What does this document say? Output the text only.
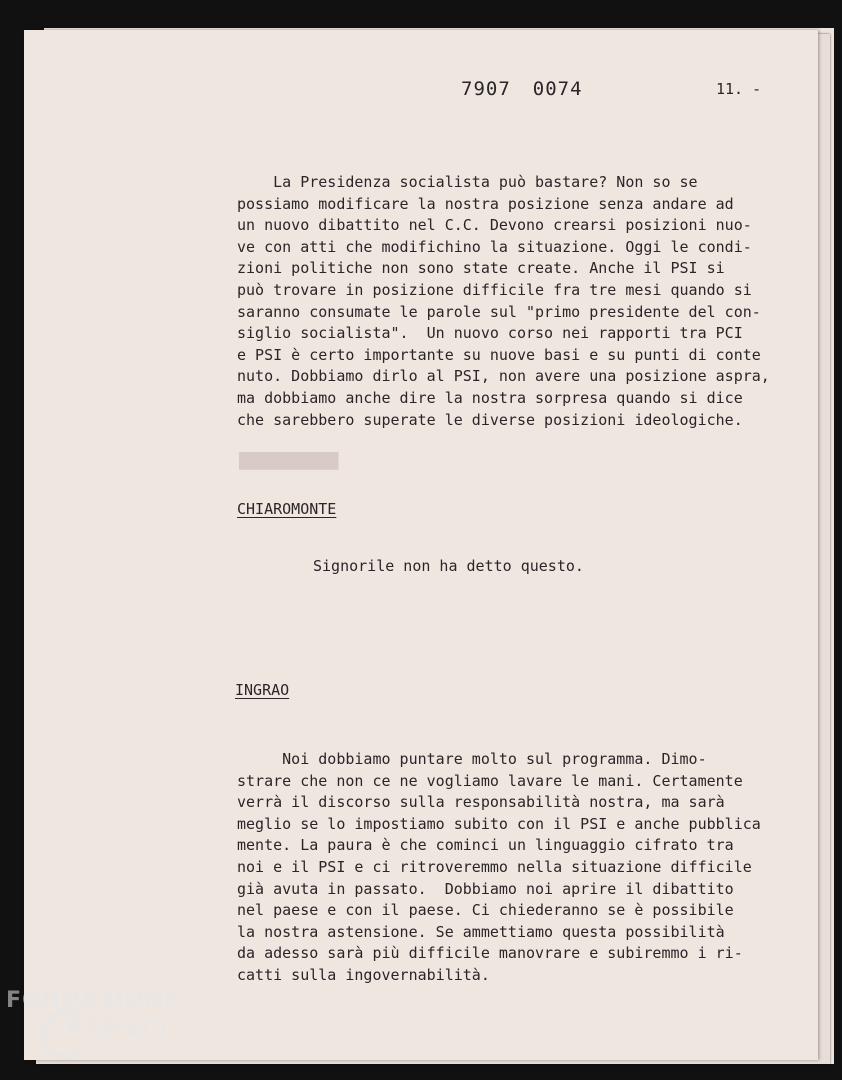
███████████

7907 0074	11. -
La Presidenza socialista può bastare? Non so se
possiamo modificare la nostra posizione senza andare ad
un nuovo dibattito nel C.C. Devono crearsi posizioni nuo-
ve con atti che modifichino la situazione. Oggi le condi-
zioni politiche non sono state create. Anche il PSI si
può trovare in posizione difficile fra tre mesi quando si
saranno consumate le parole sul "primo presidente del con-
siglio socialista".  Un nuovo corso nei rapporti tra PCI
e PSI è certo importante su nuove basi e su punti di conte
nuto. Dobbiamo dirlo al PSI, non avere una posizione aspra,
ma dobbiamo anche dire la nostra sorpresa quando si dice
che sarebbero superate le diverse posizioni ideologiche.
CHIAROMONTE
Signorile non ha detto questo.
INGRAO
Noi dobbiamo puntare molto sul programma. Dimo-
strare che non ce ne vogliamo lavare le mani. Certamente
verrà il discorso sulla responsabilità nostra, ma sarà
meglio se lo impostiamo subito con il PSI e anche pubblica
mente. La paura è che cominci un linguaggio cifrato tra
noi e il PSI e ci ritroveremmo nella situazione difficile
già avuta in passato.  Dobbiamo noi aprire il dibattito
nel paese e con il paese. Ci chiederanno se è possibile
la nostra astensione. Se ammettiamo questa possibilità
da adesso sarà più difficile manovrare e subiremmo i ri-
catti sulla ingovernabilità.
FONDAZIONE
RAMSCI
onlus
